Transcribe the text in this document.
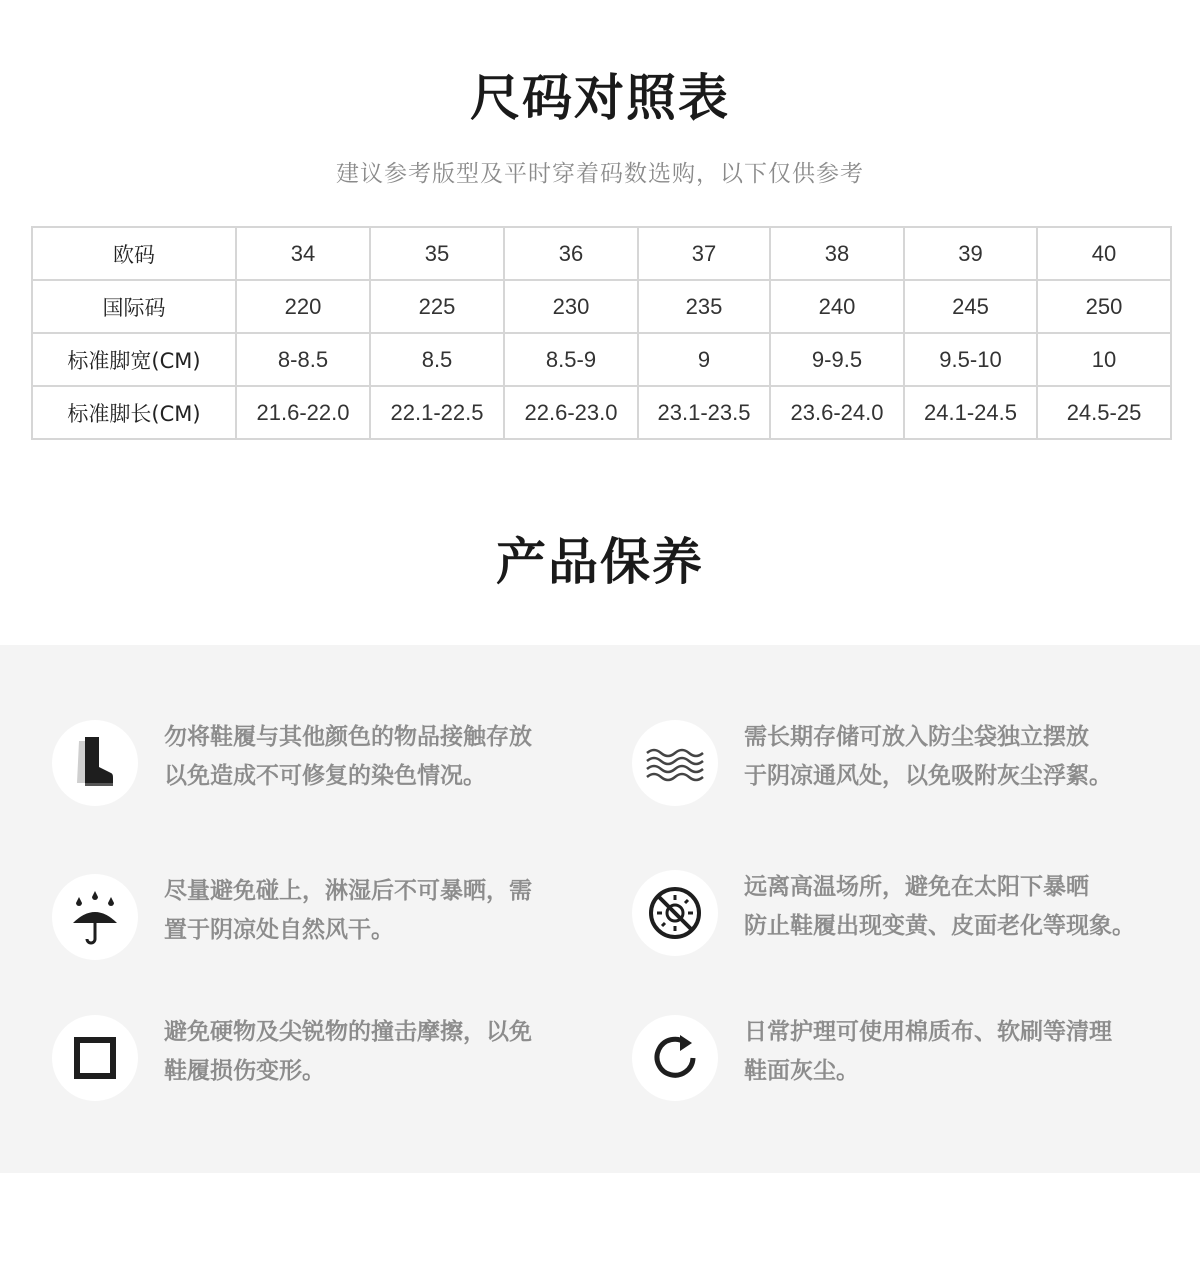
尺码对照表
建议参考版型及平时穿着码数选购，以下仅供参考
欧码	34	35	36	37	38	39	40
国际码	220	225	230	235	240	245	250
标准脚宽(CM)	8-8.5	8.5	8.5-9	9	9-9.5	9.5-10	10
标准脚长(CM)	21.6-22.0	22.1-22.5	22.6-23.0	23.1-23.5	23.6-24.0	24.1-24.5	24.5-25
产品保养
勿将鞋履与其他颜色的物品接触存放
以免造成不可修复的染色情况。
需长期存储可放入防尘袋独立摆放
于阴凉通风处，以免吸附灰尘浮絮。
尽量避免碰上，淋湿后不可暴晒，需
置于阴凉处自然风干。
远离高温场所，避免在太阳下暴晒
防止鞋履出现变黄、皮面老化等现象。
避免硬物及尖锐物的撞击摩擦，以免
鞋履损伤变形。
日常护理可使用棉质布、软刷等清理
鞋面灰尘。
